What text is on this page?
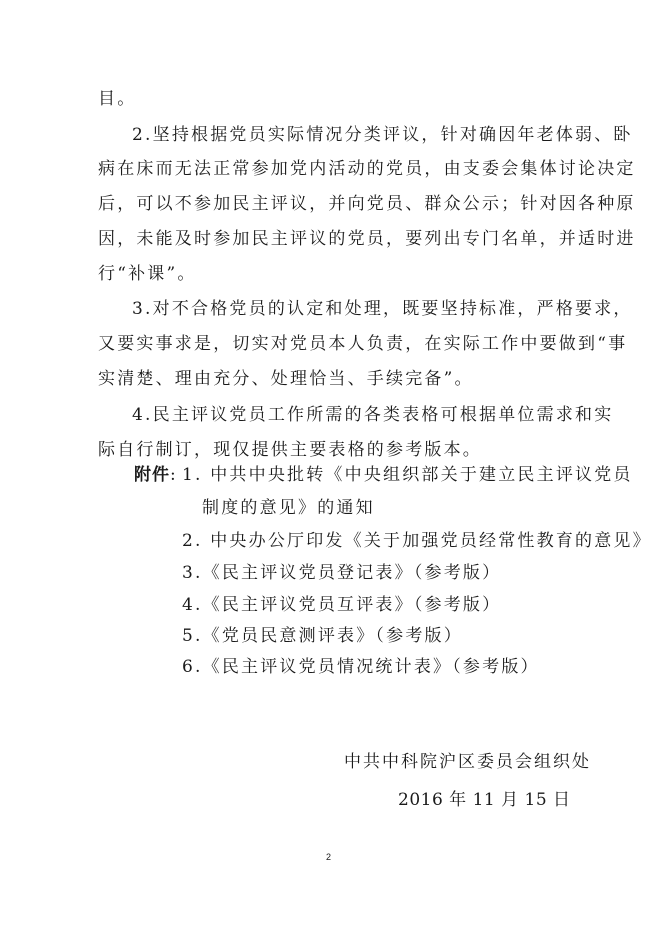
目。
2.坚持根据党员实际情况分类评议，针对确因年老体弱、卧
病在床而无法正常参加党内活动的党员，由支委会集体讨论决定
后，可以不参加民主评议，并向党员、群众公示；针对因各种原
因，未能及时参加民主评议的党员，要列出专门名单，并适时进
行“补课”。
3.对不合格党员的认定和处理，既要坚持标准，严格要求，
又要实事求是，切实对党员本人负责，在实际工作中要做到“事
实清楚、理由充分、处理恰当、手续完备”。
4.民主评议党员工作所需的各类表格可根据单位需求和实
际自行制订，现仅提供主要表格的参考版本。
附件: 1. 中共中央批转《中央组织部关于建立民主评议党员
制度的意见》的通知
2. 中央办公厅印发《关于加强党员经常性教育的意见》
3.《民主评议党员登记表》（参考版）
4.《民主评议党员互评表》（参考版）
5.《党员民意测评表》（参考版）
6.《民主评议党员情况统计表》（参考版）
中共中科院沪区委员会组织处
2016 年 11 月 15 日
2
